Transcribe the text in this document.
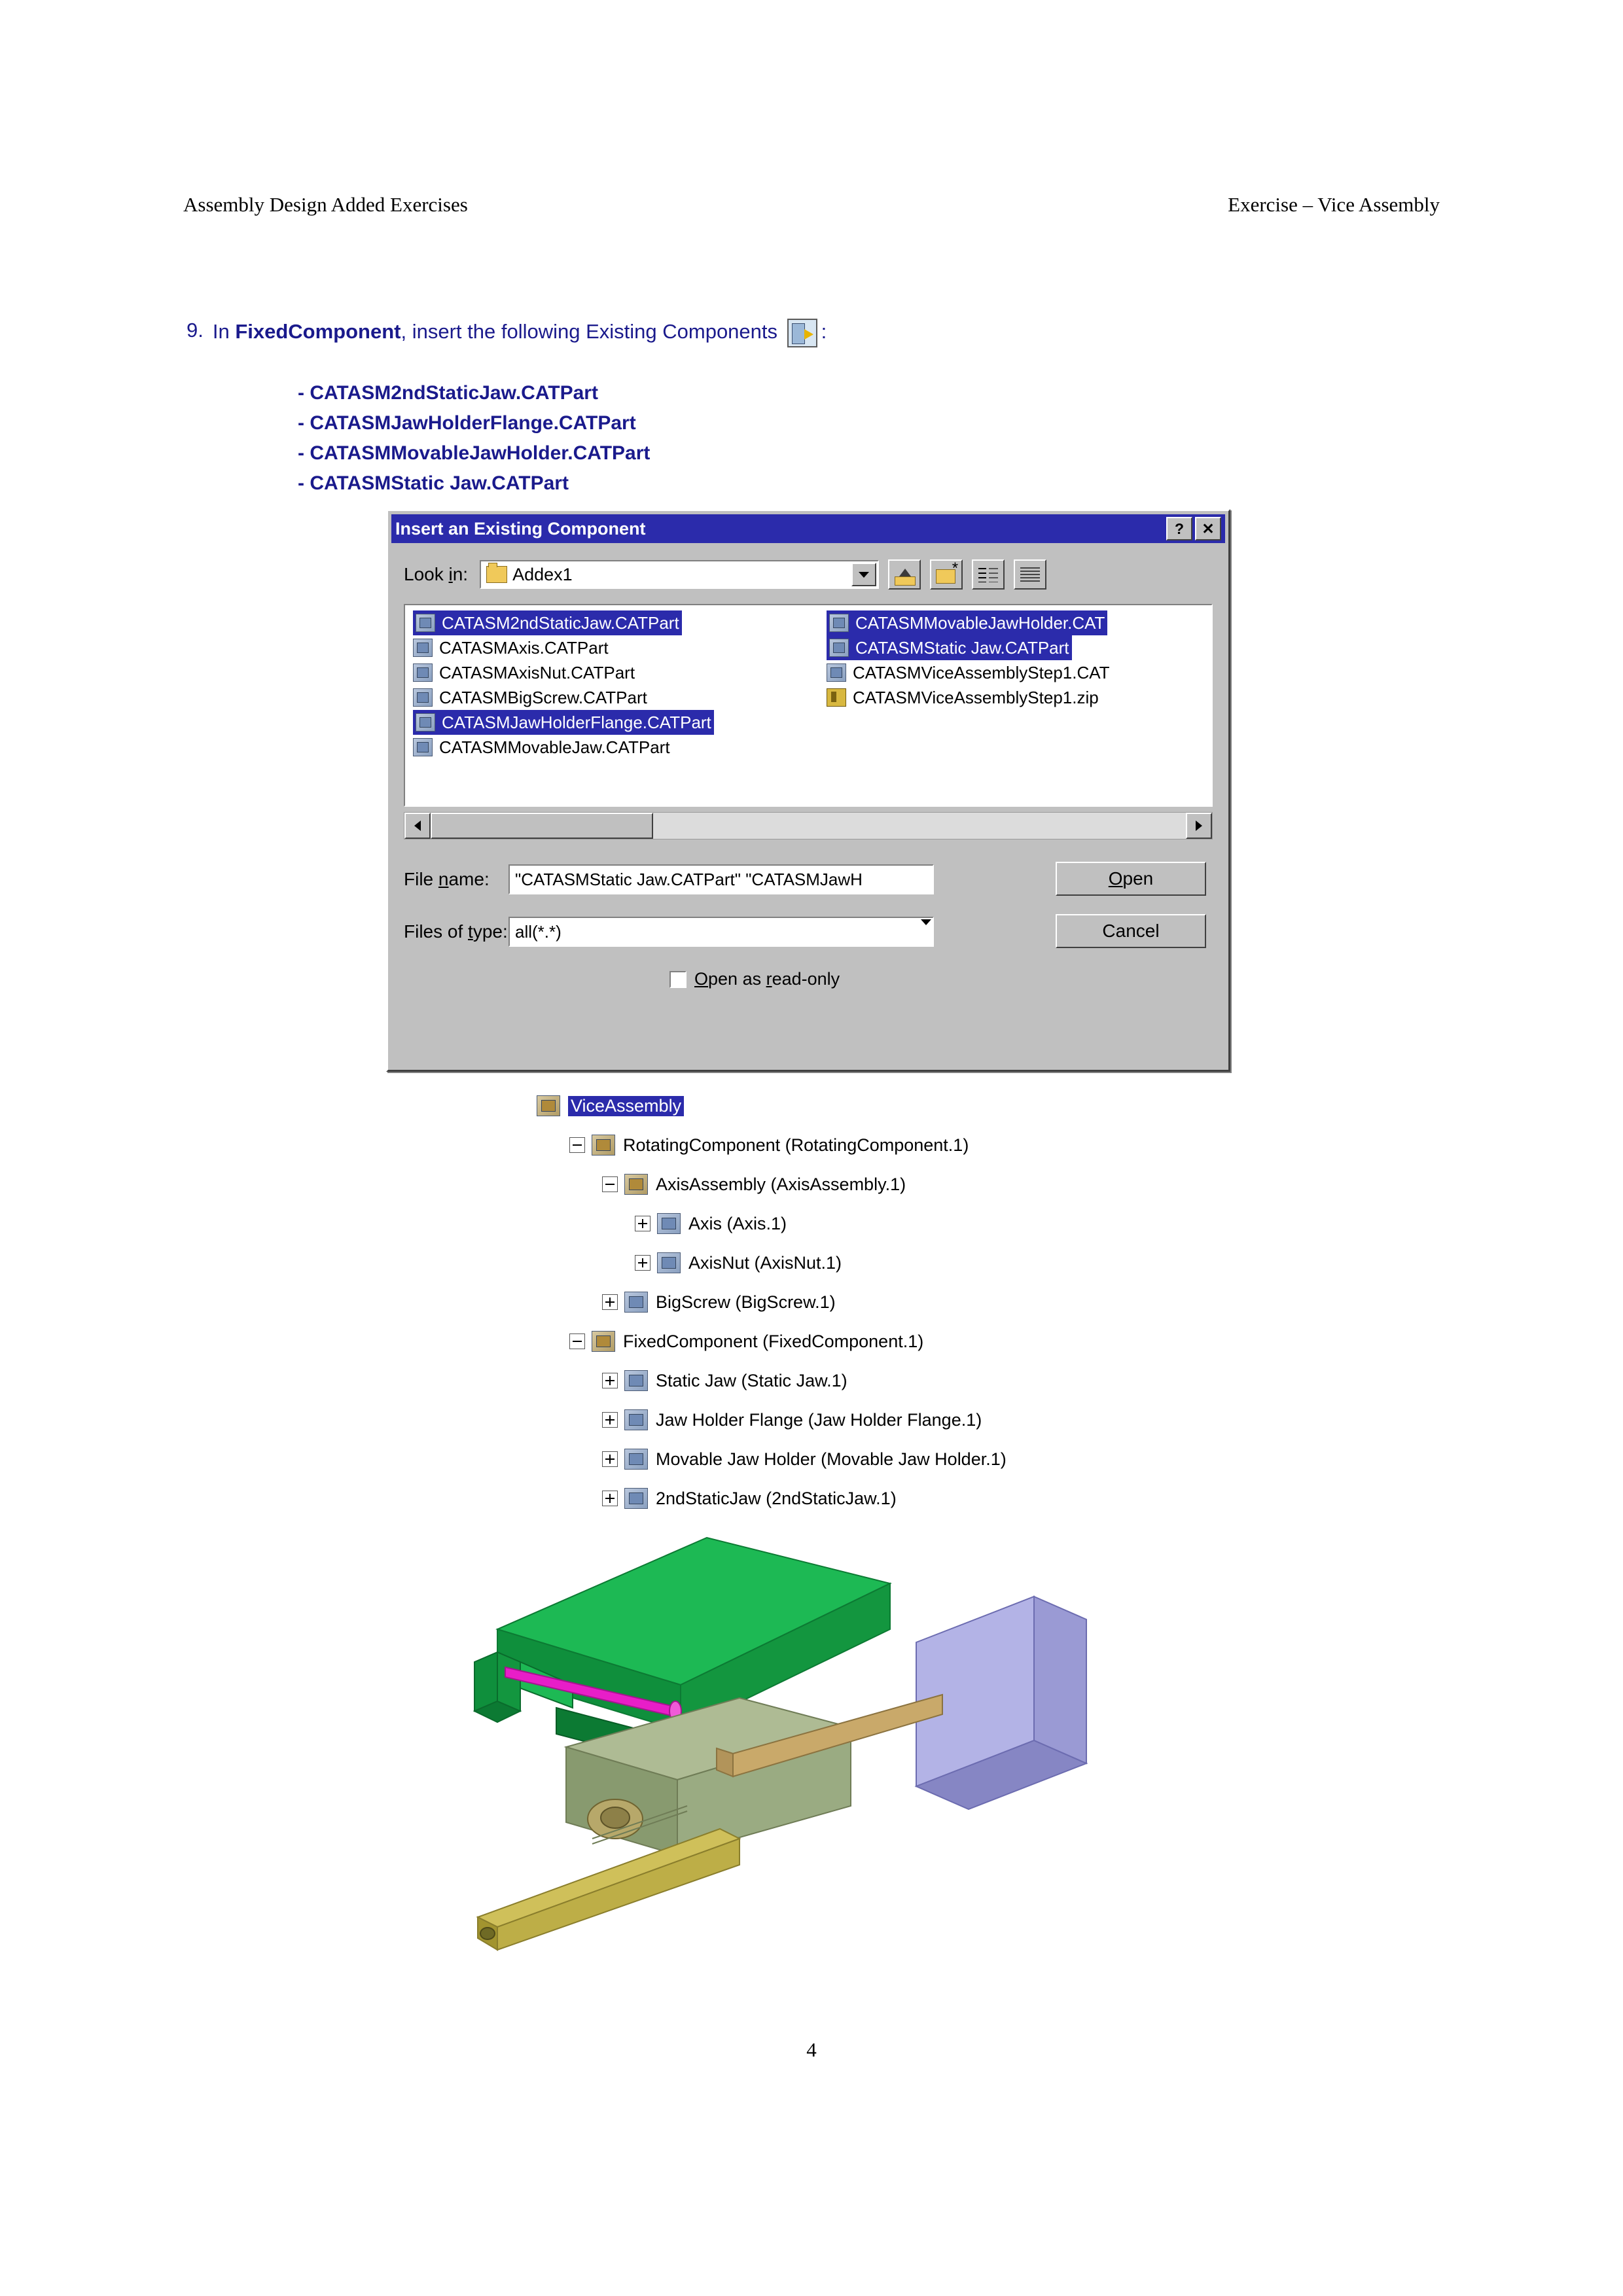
Assembly Design Added Exercises	Exercise – Vice Assembly
9. In FixedComponent, insert the following Existing Components :
- CATASM2ndStaticJaw.CATPart
- CATASMJawHolderFlange.CATPart
- CATASMMovableJawHolder.CATPart
- CATASMStatic Jaw.CATPart
Insert an Existing Component	?	✕
Look in:	Addex1
*
CATASM2ndStaticJaw.CATPart
CATASMAxis.CATPart
CATASMAxisNut.CATPart
CATASMBigScrew.CATPart
CATASMJawHolderFlange.CATPart
CATASMMovableJaw.CATPart
CATASMMovableJawHolder.CAT
CATASMStatic Jaw.CATPart
CATASMViceAssemblyStep1.CAT
CATASMViceAssemblyStep1.zip
File name:	"CATASMStatic Jaw.CATPart" "CATASMJawH
Files of type: all(*.*)
O pen
Cancel
Open as read-only
ViceAssembly
RotatingComponent (RotatingComponent.1)
AxisAssembly (AxisAssembly.1)
Axis (Axis.1)
AxisNut (AxisNut.1)
BigScrew (BigScrew.1)
FixedComponent (FixedComponent.1)
Static Jaw (Static Jaw.1)
Jaw Holder Flange (Jaw Holder Flange.1)
Movable Jaw Holder (Movable Jaw Holder.1)
2ndStaticJaw (2ndStaticJaw.1)
4
